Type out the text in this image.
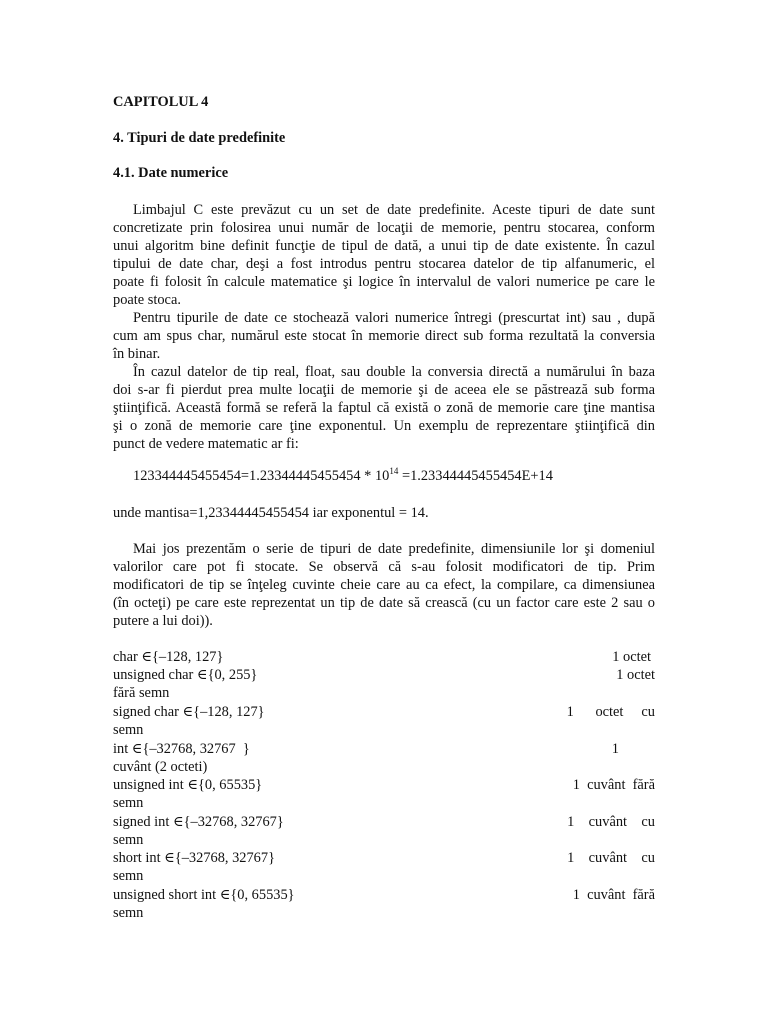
CAPITOLUL 4
4. Tipuri de date predefinite
4.1. Date numerice
Limbajul C este prevăzut cu un set de date predefinite. Aceste tipuri de date sunt
concretizate prin folosirea unui număr de locaţii de memorie, pentru stocarea, conform
unui algoritm bine definit funcţie de tipul de dată, a unui tip de date existente. În cazul
tipului de date char, deşi a fost introdus pentru stocarea datelor de tip alfanumeric, el
poate fi folosit în calcule matematice şi logice în intervalul de valori numerice pe care le
poate stoca.
Pentru tipurile de date ce stochează valori numerice întregi (prescurtat int) sau , după
cum am spus char, numărul este stocat în memorie direct sub forma rezultată la conversia
în binar.
În cazul datelor de tip real, float, sau double la conversia directă a numărului în baza
doi s-ar fi pierdut prea multe locaţii de memorie şi de aceea ele se păstrează sub forma
ştiinţifică. Această formă se referă la faptul că există o zonă de memorie care ţine mantisa
şi o zonă de memorie care ţine exponentul. Un exemplu de reprezentare ştiinţifică din
punct de vedere matematic ar fi:
$123344445455454=1.23344445455454 * 10^{14} =1.23344445455454E+14$
unde mantisa=1,23344445455454 iar exponentul = 14.
Mai jos prezentăm o serie de tipuri de date predefinite, dimensiunile lor şi domeniul
valorilor care pot fi stocate. Se observă că s-au folosit modificatori de tip. Prim
modificatori de tip se înţeleg cuvinte cheie care au ca efect, la compilare, ca dimensiunea
(în octeţi) pe care este reprezentat un tip de date să crească (cu un factor care este 2 sau o
putere a lui doi)).
char ∈{–128, 127}	1 octet
unsigned char ∈{0, 255}	1 octet
fără semn
signed char ∈{–128, 127}	1      octet     cu
semn
int ∈{–32768, 32767  }	1
cuvânt (2 octeti)
unsigned int ∈{0, 65535}	1  cuvânt  fără
semn
signed int ∈{–32768, 32767}	1    cuvânt    cu
semn
short int ∈{–32768, 32767}	1    cuvânt    cu
semn
unsigned short int ∈{0, 65535}	1  cuvânt  fără
semn
